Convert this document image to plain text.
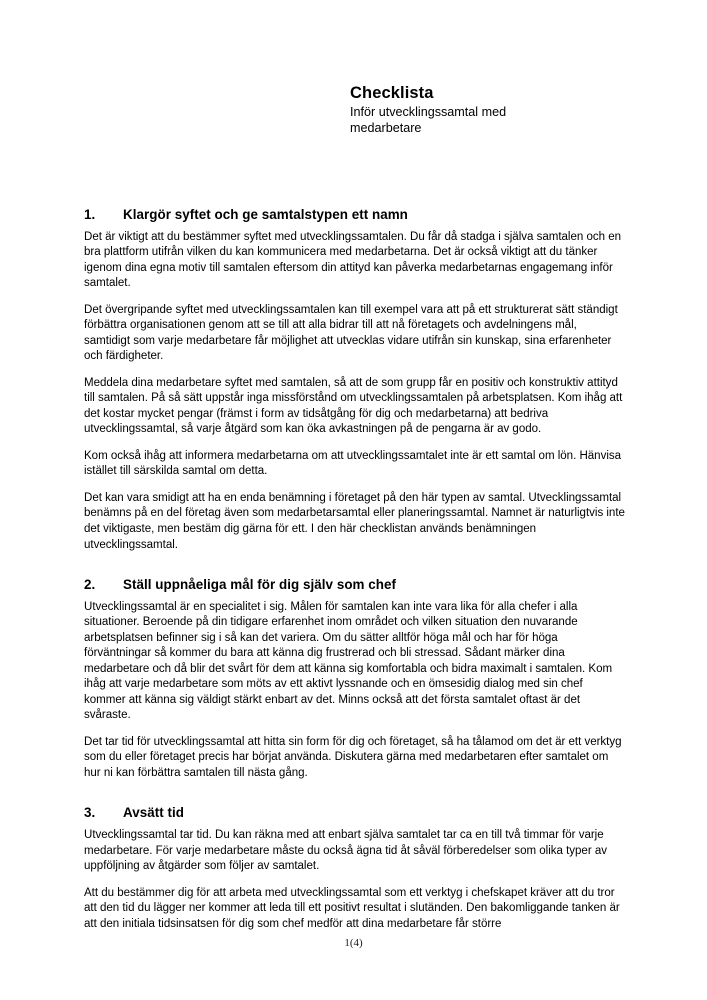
Checklista

Inför utvecklingssamtal med medarbetare

1.	Klargör syftet och ge samtalstypen ett namn

Det är viktigt att du bestämmer syftet med utvecklingssamtalen. Du får då stadga i själva samtalen och en bra plattform utifrån vilken du kan kommunicera med medarbetarna. Det är också viktigt att du tänker igenom dina egna motiv till samtalen eftersom din attityd kan påverka medarbetarnas engagemang inför samtalet.

Det övergripande syftet med utvecklingssamtalen kan till exempel vara att på ett strukturerat sätt ständigt förbättra organisationen genom att se till att alla bidrar till att nå företagets och avdelningens mål, samtidigt som varje medarbetare får möjlighet att utvecklas vidare utifrån sin kunskap, sina erfarenheter och färdigheter.

Meddela dina medarbetare syftet med samtalen, så att de som grupp får en positiv och konstruktiv attityd till samtalen. På så sätt uppstår inga missförstånd om utvecklingssamtalen på arbetsplatsen. Kom ihåg att det kostar mycket pengar (främst i form av tidsåtgång för dig och medarbetarna) att bedriva utvecklingssamtal, så varje åtgärd som kan öka avkastningen på de pengarna är av godo.

Kom också ihåg att informera medarbetarna om att utvecklingssamtalet inte är ett samtal om lön. Hänvisa istället till särskilda samtal om detta.

Det kan vara smidigt att ha en enda benämning i företaget på den här typen av samtal. Utvecklingssamtal benämns på en del företag även som medarbetarsamtal eller planeringssamtal. Namnet är naturligtvis inte det viktigaste, men bestäm dig gärna för ett. I den här checklistan används benämningen utvecklingssamtal.

2.	Ställ uppnåeliga mål för dig själv som chef

Utvecklingssamtal är en specialitet i sig. Målen för samtalen kan inte vara lika för alla chefer i alla situationer. Beroende på din tidigare erfarenhet inom området och vilken situation den nuvarande arbetsplatsen befinner sig i så kan det variera. Om du sätter alltför höga mål och har för höga förväntningar så kommer du bara att känna dig frustrerad och bli stressad. Sådant märker dina medarbetare och då blir det svårt för dem att känna sig komfortabla och bidra maximalt i samtalen. Kom ihåg att varje medarbetare som möts av ett aktivt lyssnande och en ömsesidig dialog med sin chef kommer att känna sig väldigt stärkt enbart av det. Minns också att det första samtalet oftast är det svåraste.

Det tar tid för utvecklingssamtal att hitta sin form för dig och företaget, så ha tålamod om det är ett verktyg som du eller företaget precis har börjat använda. Diskutera gärna med medarbetaren efter samtalet om hur ni kan förbättra samtalen till nästa gång.

3.	Avsätt tid

Utvecklingssamtal tar tid. Du kan räkna med att enbart själva samtalet tar ca en till två timmar för varje medarbetare. För varje medarbetare måste du också ägna tid åt såväl förberedelser som olika typer av uppföljning av åtgärder som följer av samtalet.

Att du bestämmer dig för att arbeta med utvecklingssamtal som ett verktyg i chefskapet kräver att du tror att den tid du lägger ner kommer att leda till ett positivt resultat i slutänden. Den bakomliggande tanken är att den initiala tidsinsatsen för dig som chef medför att dina medarbetare får större

1(4)
